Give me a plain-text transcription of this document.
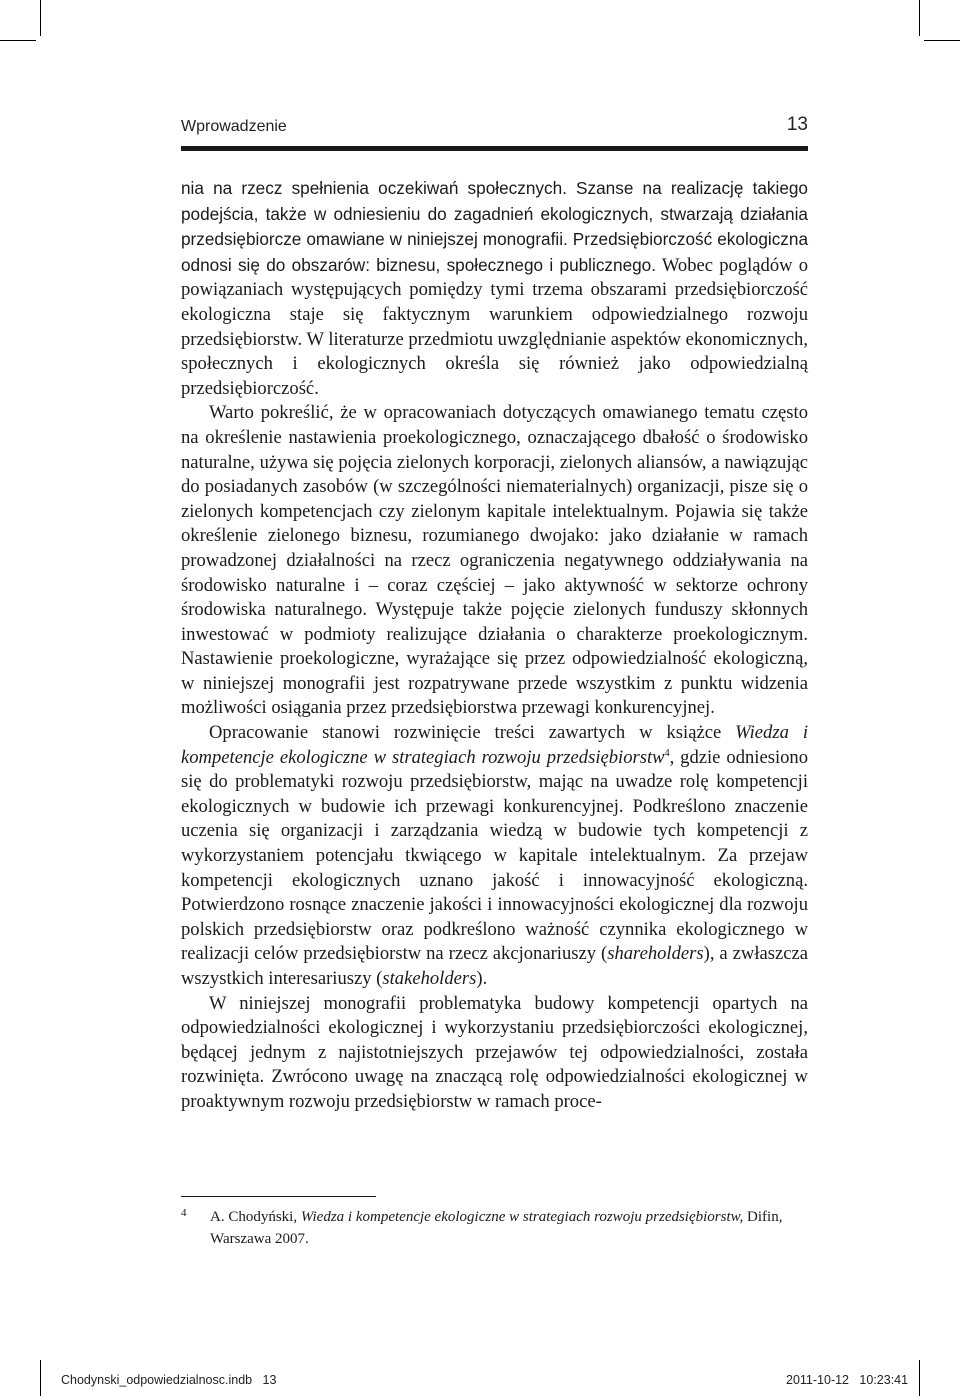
Wprowadzenie	13

nia na rzecz spełnienia oczekiwań społecznych. Szanse na realizację takiego podejścia, także w odniesieniu do zagadnień ekologicznych, stwarzają działania przedsiębiorcze omawiane w niniejszej monografii. Przedsiębiorczość ekologiczna odnosi się do obszarów: biznesu, społecznego i publicznego. Wobec poglądów o powiązaniach występujących pomiędzy tymi trzema obszarami przedsiębiorczość ekologiczna staje się faktycznym warunkiem odpowiedzialnego rozwoju przedsiębiorstw. W literaturze przedmiotu uwzględnianie aspektów ekonomicznych, społecznych i ekologicznych określa się również jako odpowiedzialną przedsiębiorczość.

Warto pokreślić, że w opracowaniach dotyczących omawianego tematu często na określenie nastawienia proekologicznego, oznaczającego dbałość o środowisko naturalne, używa się pojęcia zielonych korporacji, zielonych aliansów, a nawiązując do posiadanych zasobów (w szczególności niematerialnych) organizacji, pisze się o zielonych kompetencjach czy zielonym kapitale intelektualnym. Pojawia się także określenie zielonego biznesu, rozumianego dwojako: jako działanie w ramach prowadzonej działalności na rzecz ograniczenia negatywnego oddziaływania na środowisko naturalne i – coraz częściej – jako aktywność w sektorze ochrony środowiska naturalnego. Występuje także pojęcie zielonych funduszy skłonnych inwestować w podmioty realizujące działania o charakterze proekologicznym. Nastawienie proekologiczne, wyrażające się przez odpowiedzialność ekologiczną, w niniejszej monografii jest rozpatrywane przede wszystkim z punktu widzenia możliwości osiągania przez przedsiębiorstwa przewagi konkurencyjnej.

Opracowanie stanowi rozwinięcie treści zawartych w książce Wiedza i kompetencje ekologiczne w strategiach rozwoju przedsiębiorstw$^4$, gdzie odniesiono się do problematyki rozwoju przedsiębiorstw, mając na uwadze rolę kompetencji ekologicznych w budowie ich przewagi konkurencyjnej. Podkreślono znaczenie uczenia się organizacji i zarządzania wiedzą w budowie tych kompetencji z wykorzystaniem potencjału tkwiącego w kapitale intelektualnym. Za przejaw kompetencji ekologicznych uznano jakość i innowacyjność ekologiczną. Potwierdzono rosnące znaczenie jakości i innowacyjności ekologicznej dla rozwoju polskich przedsiębiorstw oraz podkreślono ważność czynnika ekologicznego w realizacji celów przedsiębiorstw na rzecz akcjonariuszy (shareholders), a zwłaszcza wszystkich interesariuszy (stakeholders).

W niniejszej monografii problematyka budowy kompetencji opartych na odpowiedzialności ekologicznej i wykorzystaniu przedsiębiorczości ekologicznej, będącej jednym z najistotniejszych przejawów tej odpowiedzialności, została rozwinięta. Zwrócono uwagę na znaczącą rolę odpowiedzialności ekologicznej w proaktywnym rozwoju przedsiębiorstw w ramach proce-

4 A. Chodyński, Wiedza i kompetencje ekologiczne w strategiach rozwoju przedsiębiorstw, Difin, Warszawa 2007.
Chodynski_odpowiedzialnosc.indb   13	2011-10-12   10:23:41
